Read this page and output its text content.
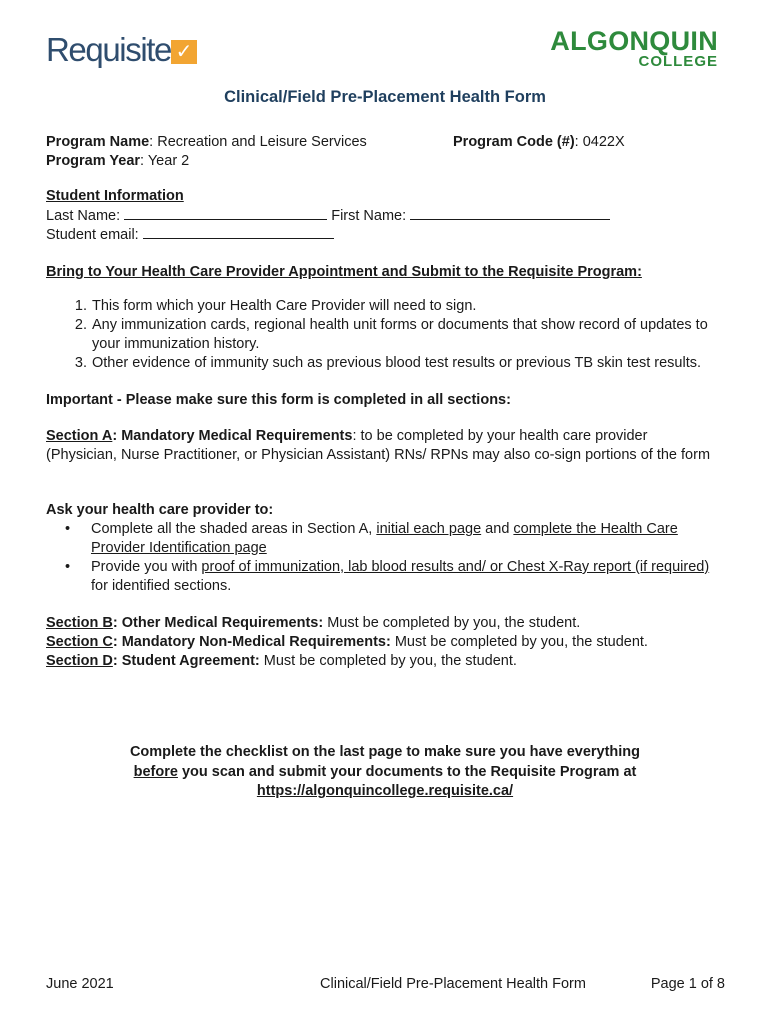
Requisite ✓	ALGONQUIN
COLLEGE
Clinical/Field Pre-Placement Health Form
Program Name: Recreation and Leisure Services	Program Code (#): 0422X
Program Year: Year 2
Student Information
Last Name:	First Name:
Student email:
Bring to Your Health Care Provider Appointment and Submit to the Requisite Program:
1. This form which your Health Care Provider will need to sign.
2. Any immunization cards, regional health unit forms or documents that show record of updates to your immunization history.
3. Other evidence of immunity such as previous blood test results or previous TB skin test results.
Important - Please make sure this form is completed in all sections:
Section A: Mandatory Medical Requirements: to be completed by your health care provider (Physician, Nurse Practitioner, or Physician Assistant) RNs/ RPNs may also co-sign portions of the form
Ask your health care provider to:
• Complete all the shaded areas in Section A, initial each page and complete the Health Care Provider Identification page
• Provide you with proof of immunization, lab blood results and/ or Chest X-Ray report (if required) for identified sections.
Section B: Other Medical Requirements: Must be completed by you, the student.
Section C: Mandatory Non-Medical Requirements: Must be completed by you, the student.
Section D: Student Agreement: Must be completed by you, the student.
Complete the checklist on the last page to make sure you have everything
before you scan and submit your documents to the Requisite Program at
https://algonquincollege.requisite.ca/
June 2021	Clinical/Field Pre-Placement Health Form	Page 1 of 8
